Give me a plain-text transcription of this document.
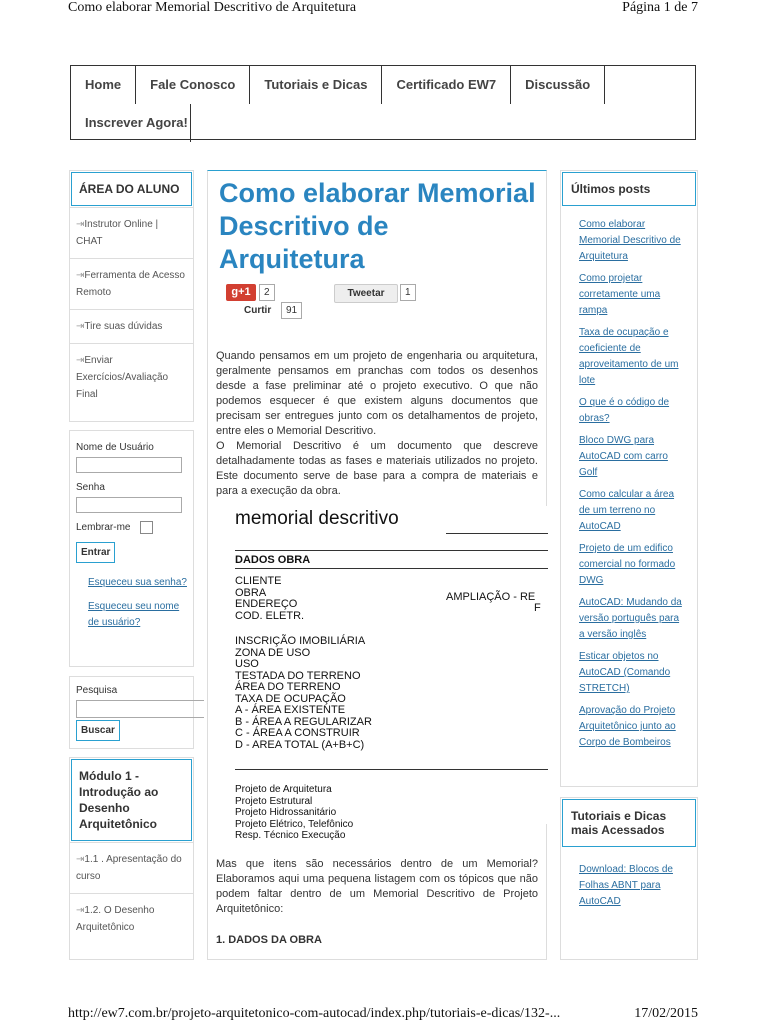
Como elaborar Memorial Descritivo de Arquitetura	Página 1 de 7
Home	Fale Conosco	Tutoriais e Dicas	Certificado EW7	Discussão
Inscrever Agora!
ÁREA DO ALUNO
⇥Instrutor Online | CHAT
⇥Ferramenta de Acesso Remoto
⇥Tire suas dúvidas
⇥Enviar Exercícios/Avaliação Final
Nome de Usuário
Senha
Lembrar-me
Entrar
Esqueceu sua senha?
Esqueceu seu nome de usuário?
Pesquisa
Buscar
Módulo 1 - Introdução ao Desenho Arquitetônico
⇥1.1 . Apresentação do curso
⇥1.2. O Desenho Arquitetônico
Como elaborar Memorial Descritivo de Arquitetura
g+1	2	Tweetar	1
Curtir	91
Quando pensamos em um projeto de engenharia ou arquitetura, geralmente pensamos em pranchas com todos os desenhos desde a fase preliminar até o projeto executivo. O que não podemos esquecer é que existem alguns documentos que precisam ser entregues junto com os detalhamentos de projeto, entre eles o Memorial Descritivo.
O Memorial Descritivo é um documento que descreve detalhadamente todas as fases e materiais utilizados no projeto. Este documento serve de base para a compra de materiais e para a execução da obra.
memorial descritivo
DADOS OBRA
CLIENTE
OBRA
ENDEREÇO
COD. ELETR.
AMPLIAÇÃO - RE
F
INSCRIÇÃO IMOBILIÁRIA
ZONA DE USO
USO
TESTADA DO TERRENO
ÁREA DO TERRENO
TAXA DE OCUPAÇÃO
A - ÁREA EXISTENTE
B - ÁREA A REGULARIZAR
C - ÁREA A CONSTRUIR
D - AREA TOTAL (A+B+C)
Projeto de Arquitetura
Projeto Estrutural
Projeto Hidrossanitário
Projeto Elétrico, Telefônico
Resp. Técnico Execução
Mas que itens são necessários dentro de um Memorial? Elaboramos aqui uma pequena listagem com os tópicos que não podem faltar dentro de um Memorial Descritivo de Projeto Arquitetônico:
1. DADOS DA OBRA
Últimos posts
Como elaborar Memorial Descritivo de Arquitetura
Como projetar corretamente uma rampa
Taxa de ocupação e coeficiente de aproveitamento de um lote
O que é o código de obras?
Bloco DWG para AutoCAD com carro Golf
Como calcular a área de um terreno no AutoCAD
Projeto de um edifico comercial no formado DWG
AutoCAD: Mudando da versão português para a versão inglês
Esticar objetos no AutoCAD (Comando STRETCH)
Aprovação do Projeto Arquitetônico junto ao Corpo de Bombeiros
Tutoriais e Dicas mais Acessados
Download: Blocos de Folhas ABNT para AutoCAD
http://ew7.com.br/projeto-arquitetonico-com-autocad/index.php/tutoriais-e-dicas/132-...	17/02/2015
